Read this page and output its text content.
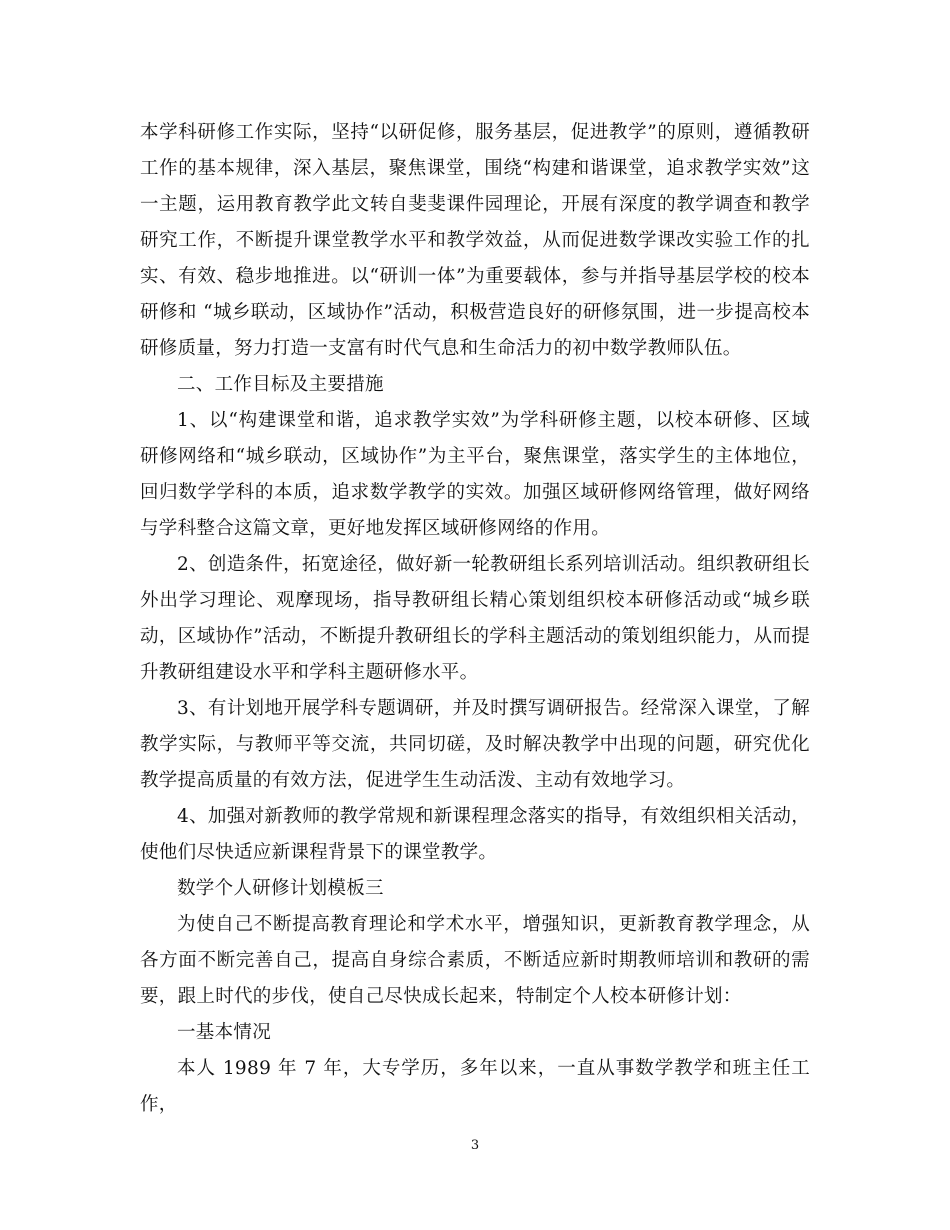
本学科研修工作实际，坚持“以研促修，服务基层，促进教学”的原则，遵循教研工作的基本规律，深入基层，聚焦课堂，围绕“构建和谐课堂，追求教学实效”这一主题，运用教育教学此文转自斐斐课件园理论，开展有深度的教学调查和教学研究工作，不断提升课堂教学水平和教学效益，从而促进数学课改实验工作的扎实、有效、稳步地推进。以“研训一体”为重要载体，参与并指导基层学校的校本研修和 “城乡联动，区域协作”活动，积极营造良好的研修氛围，进一步提高校本研修质量，努力打造一支富有时代气息和生命活力的初中数学教师队伍。

二、工作目标及主要措施

1、以“构建课堂和谐，追求教学实效”为学科研修主题，以校本研修、区域研修网络和“城乡联动，区域协作”为主平台，聚焦课堂，落实学生的主体地位，回归数学学科的本质，追求数学教学的实效。加强区域研修网络管理，做好网络与学科整合这篇文章，更好地发挥区域研修网络的作用。

2、创造条件，拓宽途径，做好新一轮教研组长系列培训活动。组织教研组长外出学习理论、观摩现场，指导教研组长精心策划组织校本研修活动或“城乡联动，区域协作”活动，不断提升教研组长的学科主题活动的策划组织能力，从而提升教研组建设水平和学科主题研修水平。

3、有计划地开展学科专题调研，并及时撰写调研报告。经常深入课堂，了解教学实际，与教师平等交流，共同切磋，及时解决教学中出现的问题，研究优化教学提高质量的有效方法，促进学生生动活泼、主动有效地学习。

4、加强对新教师的教学常规和新课程理念落实的指导，有效组织相关活动，使他们尽快适应新课程背景下的课堂教学。

数学个人研修计划模板三

为使自己不断提高教育理论和学术水平，增强知识，更新教育教学理念，从各方面不断完善自己，提高自身综合素质，不断适应新时期教师培训和教研的需要，跟上时代的步伐，使自己尽快成长起来，特制定个人校本研修计划：

一基本情况

本人 1989 年 7 年，大专学历，多年以来，一直从事数学教学和班主任工作，

3
